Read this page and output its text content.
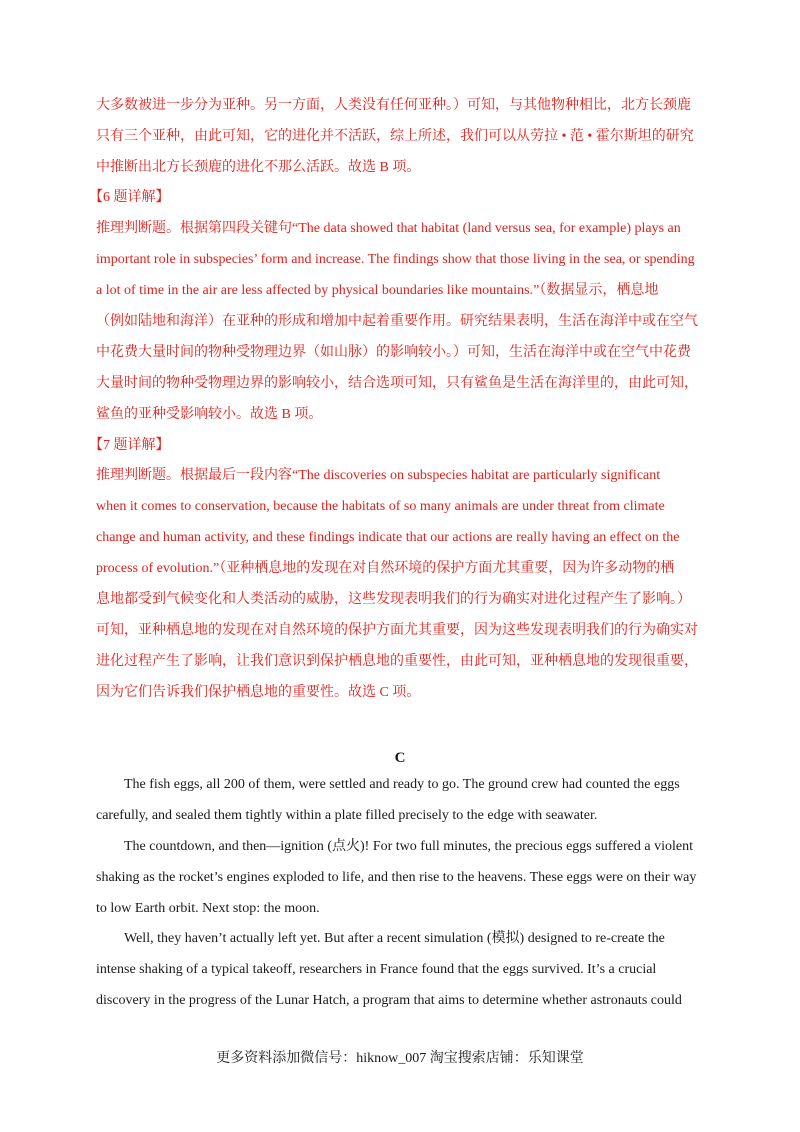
大多数被进一步分为亚种。另一方面，人类没有任何亚种。）可知，与其他物种相比，北方长颈鹿
只有三个亚种，由此可知，它的进化并不活跃，综上所述，我们可以从劳拉 • 范 • 霍尔斯坦的研究
中推断出北方长颈鹿的进化不那么活跃。故选 B 项。
【6 题详解】
推理判断题。根据第四段关键句“The data showed that habitat (land versus sea, for example) plays an
important role in subspecies’ form and increase. The findings show that those living in the sea, or spending
a lot of time in the air are less affected by physical boundaries like mountains.”（数据显示，栖息地
（例如陆地和海洋）在亚种的形成和增加中起着重要作用。研究结果表明，生活在海洋中或在空气
中花费大量时间的物种受物理边界（如山脉）的影响较小。）可知，生活在海洋中或在空气中花费
大量时间的物种受物理边界的影响较小，结合选项可知，只有鲨鱼是生活在海洋里的，由此可知，
鲨鱼的亚种受影响较小。故选 B 项。
【7 题详解】
推理判断题。根据最后一段内容“The discoveries on subspecies habitat are particularly significant
when it comes to conservation, because the habitats of so many animals are under threat from climate
change and human activity, and these findings indicate that our actions are really having an effect on the
process of evolution.”（亚种栖息地的发现在对自然环境的保护方面尤其重要，因为许多动物的栖
息地都受到气候变化和人类活动的威胁，这些发现表明我们的行为确实对进化过程产生了影响。）
可知，亚种栖息地的发现在对自然环境的保护方面尤其重要，因为这些发现表明我们的行为确实对
进化过程产生了影响，让我们意识到保护栖息地的重要性，由此可知，亚种栖息地的发现很重要，
因为它们告诉我们保护栖息地的重要性。故选 C 项。
C
The fish eggs, all 200 of them, were settled and ready to go. The ground crew had counted the eggs
carefully, and sealed them tightly within a plate filled precisely to the edge with seawater.
The countdown, and then—ignition (点火)! For two full minutes, the precious eggs suffered a violent
shaking as the rocket’s engines exploded to life, and then rise to the heavens. These eggs were on their way
to low Earth orbit. Next stop: the moon.
Well, they haven’t actually left yet. But after a recent simulation (模拟) designed to re-create the
intense shaking of a typical takeoff, researchers in France found that the eggs survived. It’s a crucial
discovery in the progress of the Lunar Hatch, a program that aims to determine whether astronauts could
更多资料添加微信号：hiknow_007 淘宝搜索店铺：乐知课堂
